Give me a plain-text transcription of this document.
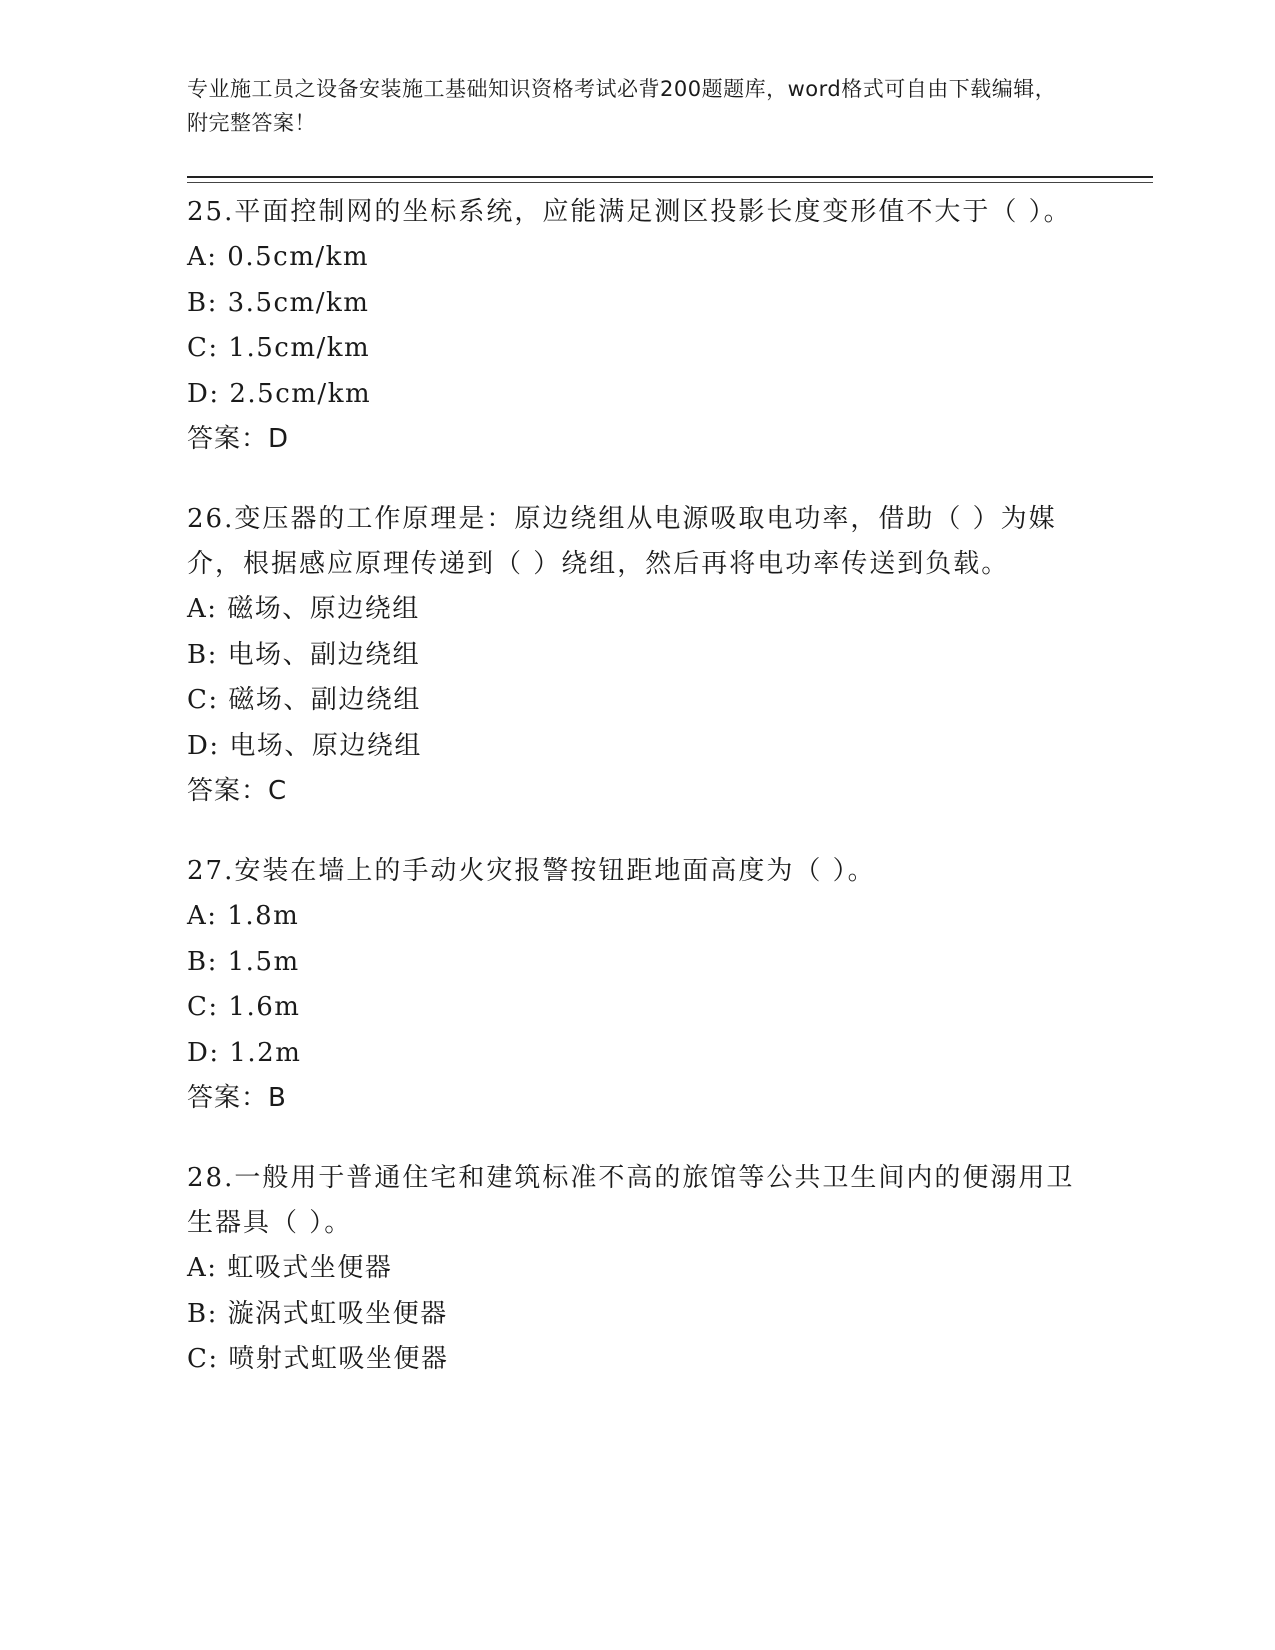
专业施工员之设备安装施工基础知识资格考试必背200题题库，word格式可自由下载编辑，附完整答案！

25.平面控制网的坐标系统，应能满足测区投影长度变形值不大于（ ）。

A: 0.5cm/km

B: 3.5cm/km

C: 1.5cm/km

D: 2.5cm/km

答案：D

26.变压器的工作原理是：原边绕组从电源吸取电功率，借助（ ）为媒介，根据感应原理传递到（ ）绕组，然后再将电功率传送到负载。

A: 磁场、原边绕组

B: 电场、副边绕组

C: 磁场、副边绕组

D: 电场、原边绕组

答案：C

27.安装在墙上的手动火灾报警按钮距地面高度为（ ）。

A: 1.8m

B: 1.5m

C: 1.6m

D: 1.2m

答案：B

28.一般用于普通住宅和建筑标准不高的旅馆等公共卫生间内的便溺用卫生器具（ ）。

A: 虹吸式坐便器

B: 漩涡式虹吸坐便器

C: 喷射式虹吸坐便器
